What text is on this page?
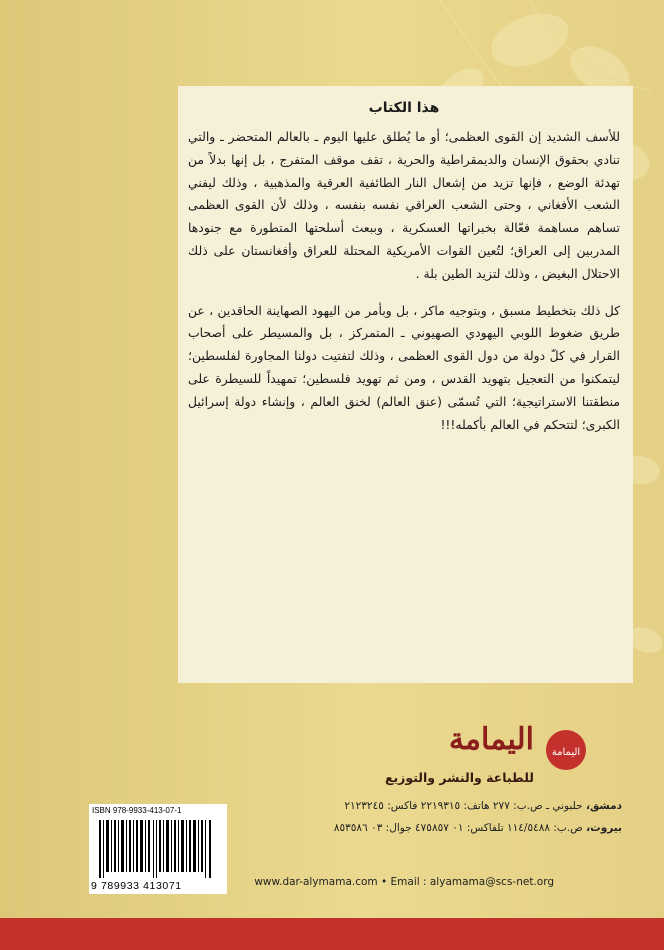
هذا الكتاب

للأسف الشديد إن القوى العظمى؛ أو ما يُطلق عليها اليوم ـ بالعالم المتحضر ـ والتي تنادي بحقوق الإنسان والديمقراطية والحرية ، تقف موقف المتفرج ، بل إنها بدلاً من تهدئة الوضع ، فإنها تزيد من إشعال النار الطائفية العرقية والمذهبية ، وذلك ليفني الشعب الأفغاني ، وحتى الشعب العراقي نفسه بنفسه ، وذلك لأن القوى العظمى تساهم مساهمة فعّالة بخبراتها العسكرية ، وببعث أسلحتها المتطورة مع جنودها المدربين إلى العراق؛ لتُعين القوات الأمريكية المحتلة للعراق وأفغانستان على ذلك الاحتلال البغيض ، وذلك لتزيد الطين بلة .

كل ذلك بتخطيط مسبق ، وبتوجيه ماكر ، بل وبأمر من اليهود الصهاينة الحاقدين ، عن طريق ضغوط اللوبي اليهودي الصهيوني ـ المتمركز ، بل والمسيطر على أصحاب القرار في كلّ دولة من دول القوى العظمى ، وذلك لتفتيت دولنا المجاورة لفلسطين؛ ليتمكنوا من التعجيل بتهويد القدس ، ومن ثم تهويد فلسطين؛ تمهيداً للسيطرة على منطقتنا الاستراتيجية؛ التي تُسمّى (عنق العالم) لخنق العالم ، وإنشاء دولة إسرائيل الكبرى؛ لتتحكم في العالم بأكمله!!!

اليمامة
اليمامة
للطباعة والنشر والتوزيع
دمشق، حلبوني ـ ص.ب: ٢٧٧ هاتف: ٢٢١٩٣١٥ فاكس: ٢١٢٣٢٤٥
بيروت، ص.ب: ١١٤/٥٤٨٨ تلفاكس: ٠١ ٤٧٥٨٥٧ جوال: ٠٣ ٨٥٣٥٨٦
www.dar-alymama.com • Email : alyamama@scs-net.org
ISBN 978-9933-413-07-1
9 789933 413071
